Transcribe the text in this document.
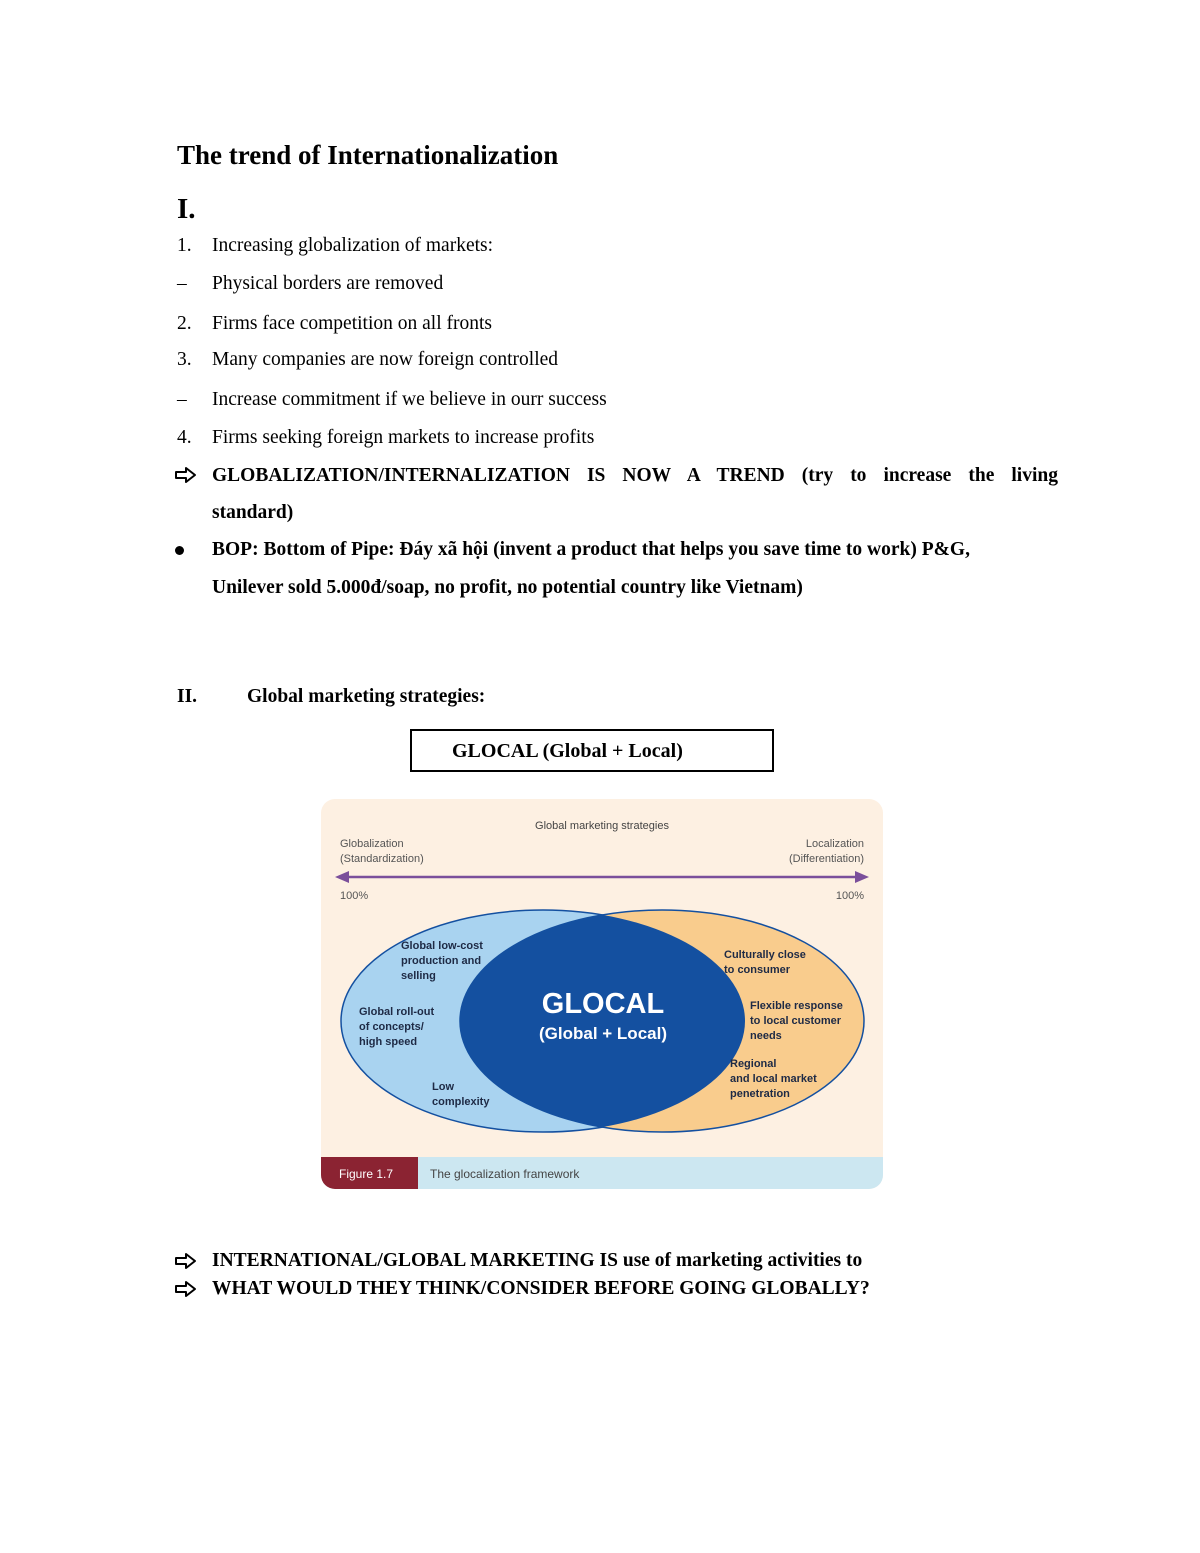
The trend of Internationalization
I.
1. Increasing globalization of markets:
– Physical borders are removed
2. Firms face competition on all fronts
3. Many companies are now foreign controlled
– Increase commitment if we believe in ourr success
4. Firms seeking foreign markets to increase profits
GLOBALIZATION/INTERNALIZATION IS NOW A TREND (try to increase the living
standard)
BOP: Bottom of Pipe: Đáy xã hội (invent a product that helps you save time to work) P&G,
Unilever sold 5.000đ/soap, no profit, no potential country like Vietnam)
II.	Global marketing strategies:
GLOCAL (Global + Local)
Global marketing strategies
Globalization
(Standardization)
Localization
(Differentiation)
100%	100%
Global low-cost
production and
selling
Global roll-out
of concepts/
high speed
Low
complexity
Culturally close
to consumer
Flexible response
to local customer
needs
Regional
and local market
penetration
GLOCAL
(Global + Local)
Figure 1.7	The glocalization framework
INTERNATIONAL/GLOBAL MARKETING IS use of marketing activities to
WHAT WOULD THEY THINK/CONSIDER BEFORE GOING GLOBALLY?
